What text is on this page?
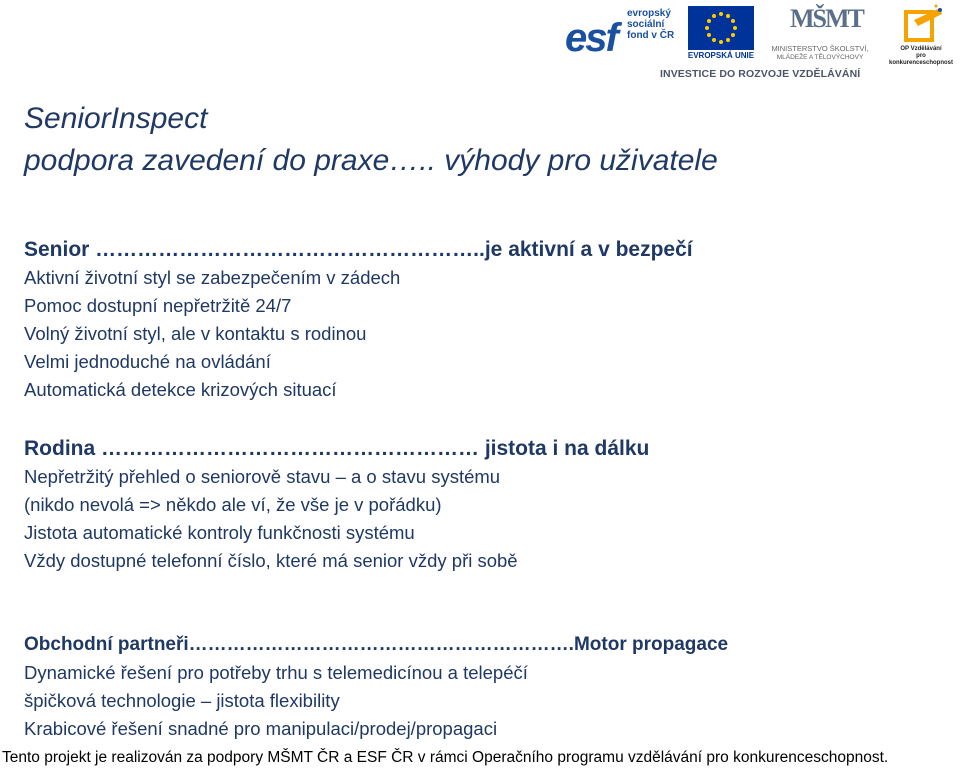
esf
evropský
sociální
fond v ČR
EVROPSKÁ UNIE
MŠMT
MINISTERSTVO ŠKOLSTVÍ,
MLÁDEŽE A TĚLOVÝCHOVY
OP Vzdělávání
pro konkurenceschopnost
INVESTICE DO ROZVOJE VZDĚLÁVÁNÍ
SeniorInspect
podpora zavedení do praxe….. výhody pro uživatele
Senior ………………………………………………..je aktivní a v bezpečí
Aktivní životní styl se zabezpečením v zádech
Pomoc dostupní nepřetržitě 24/7
Volný životní styl, ale v kontaktu s rodinou
Velmi jednoduché na ovládání
Automatická detekce krizových situací
Rodina ……………………………………………… jistota i na dálku
Nepřetržitý přehled o seniorově stavu – a o stavu systému
(nikdo nevolá => někdo ale ví, že vše je v pořádku)
Jistota automatické kontroly funkčnosti systému
Vždy dostupné telefonní číslo, které má senior vždy při sobě
Obchodní partneři…………………………………………………….Motor propagace
Dynamické řešení pro potřeby trhu s telemedicínou a telepéčí
špičková technologie – jistota flexibility
Krabicové řešení snadné pro manipulaci/prodej/propagaci
Tento projekt je realizován za podpory MŠMT ČR a ESF ČR v rámci Operačního programu vzdělávání pro konkurenceschopnost.
